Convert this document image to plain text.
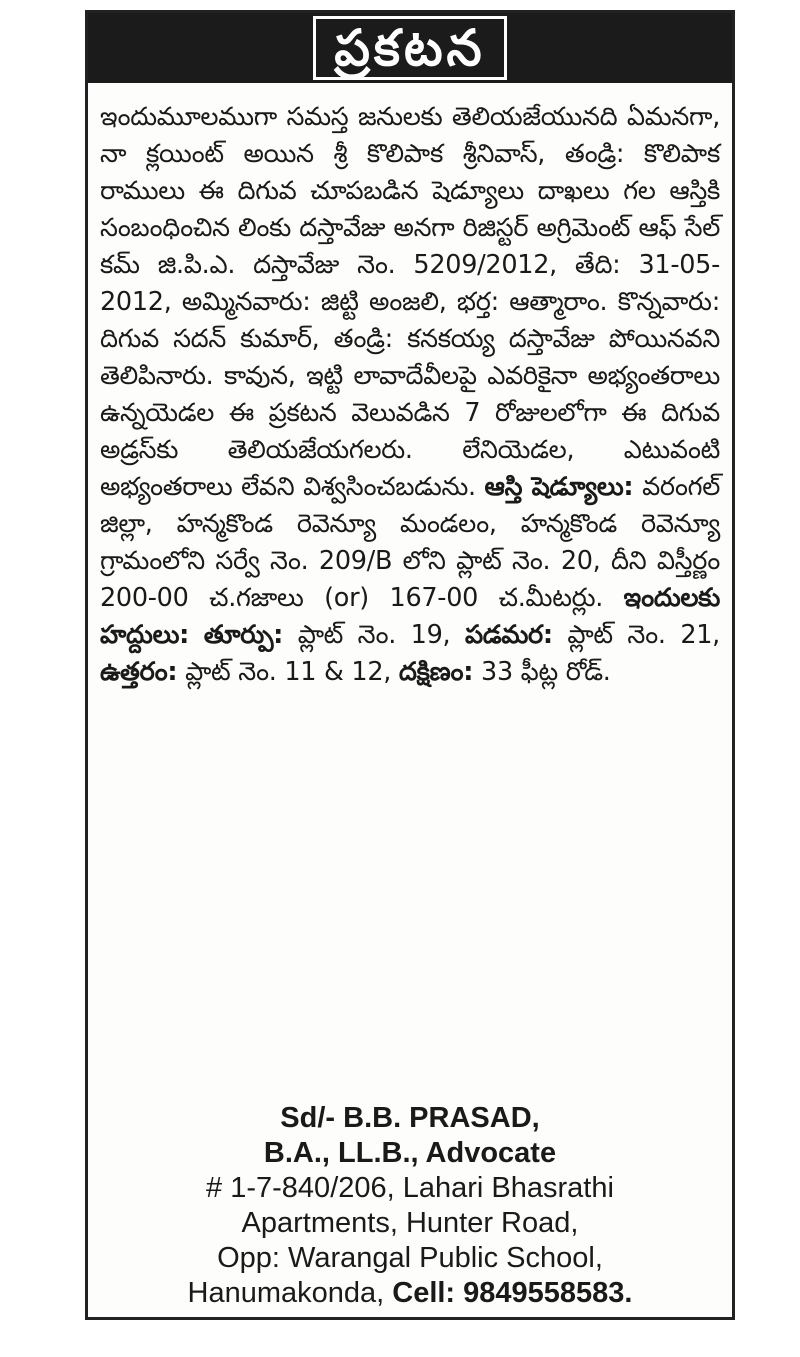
ప్రకటన
ఇందుమూలముగా సమస్త జనులకు తెలియజేయునది ఏమనగా, నా క్లయింట్ అయిన శ్రీ కొలిపాక శ్రీనివాస్, తండ్రి: కొలిపాక రాములు ఈ దిగువ చూపబడిన షెడ్యూలు దాఖలు గల ఆస్తికి సంబంధించిన లింకు దస్తావేజు అనగా రిజిస్టర్ అగ్రిమెంట్ ఆఫ్ సేల్ కమ్ జి.పి.ఎ. దస్తావేజు నెం. 5209/2012, తేది: 31-05-2012, అమ్మినవారు: జిట్టి అంజలి, భర్త: ఆత్మారాం. కొన్నవారు: దిగువ సదన్ కుమార్, తండ్రి: కనకయ్య దస్తావేజు పోయినవని తెలిపినారు. కావున, ఇట్టి లావాదేవీలపై ఎవరికైనా అభ్యంతరాలు ఉన్నయెడల ఈ ప్రకటన వెలువడిన 7 రోజులలోగా ఈ దిగువ అడ్రస్‌కు తెలియజేయగలరు. లేనియెడల, ఎటువంటి అభ్యంతరాలు లేవని విశ్వసించబడును. ఆస్తి షెడ్యూలు: వరంగల్ జిల్లా, హన్మకొండ రెవెన్యూ మండలం, హన్మకొండ రెవెన్యూ గ్రామంలోని సర్వే నెం. 209/B లోని ప్లాట్ నెం. 20, దీని విస్తీర్ణం 200-00 చ.గజాలు (or) 167-00 చ.మీటర్లు. ఇందులకు హద్దులు: తూర్పు: ప్లాట్ నెం. 19, పడమర: ప్లాట్ నెం. 21, ఉత్తరం: ప్లాట్ నెం. 11 & 12, దక్షిణం: 33 ఫీట్ల రోడ్.
Sd/- B.B. PRASAD,
B.A., LL.B., Advocate
# 1-7-840/206, Lahari Bhasrathi
Apartments, Hunter Road,
Opp: Warangal Public School,
Hanumakonda, Cell: 9849558583.
